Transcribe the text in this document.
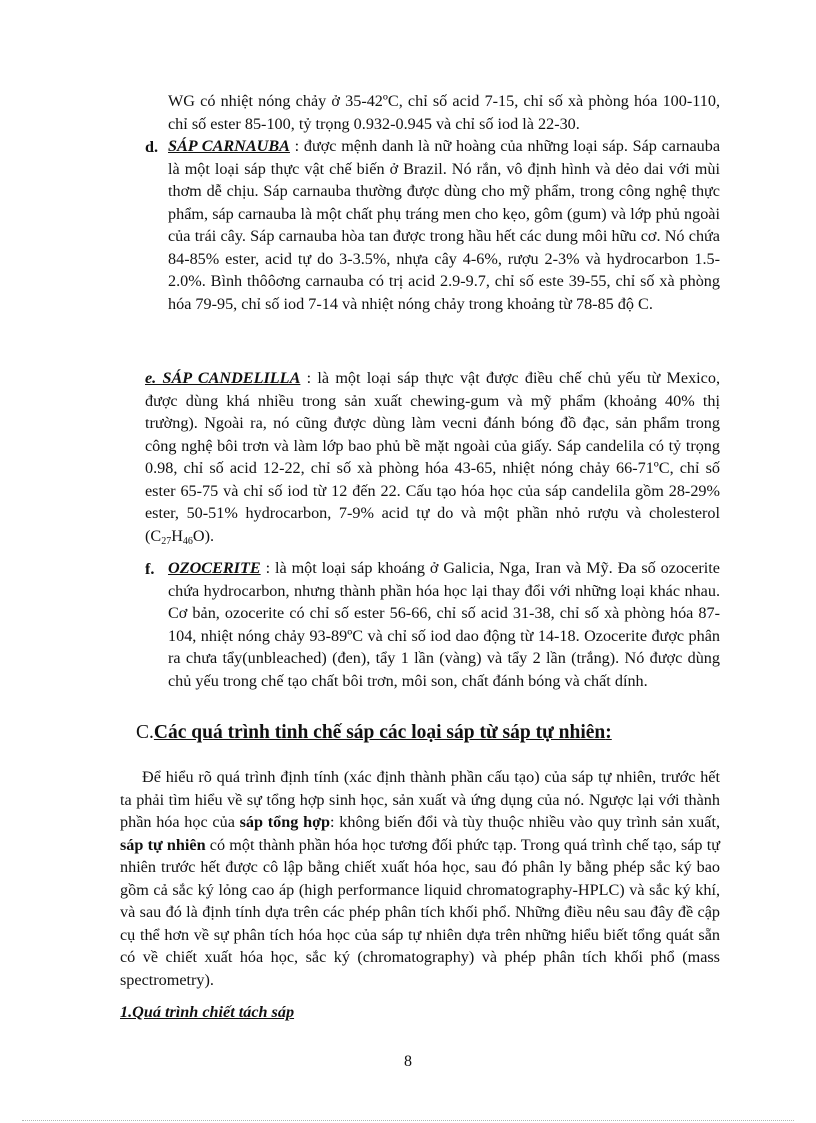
WG có nhiệt nóng chảy ở 35-42ºC, chỉ số acid 7-15, chỉ số xà phòng hóa 100-110, chỉ số ester 85-100, tỷ trọng 0.932-0.945 và chỉ số iod là 22-30.

d. SÁP CARNAUBA : được mệnh danh là nữ hoàng của những loại sáp. Sáp carnauba là một loại sáp thực vật chế biến ở Brazil. Nó rắn, vô định hình và dẻo dai với mùi thơm dễ chịu. Sáp carnauba thường được dùng cho mỹ phẩm, trong công nghệ thực phẩm, sáp carnauba là một chất phụ tráng men cho kẹo, gôm (gum) và lớp phủ ngoài của trái cây. Sáp carnauba hòa tan được trong hầu hết các dung môi hữu cơ. Nó chứa 84-85% ester, acid tự do 3-3.5%, nhựa cây 4-6%, rượu 2-3% và hydrocarbon 1.5-2.0%. Bình thôôơng carnauba có trị acid 2.9-9.7, chỉ số este 39-55, chỉ số xà phòng hóa 79-95, chỉ số iod 7-14 và nhiệt nóng chảy trong khoảng từ 78-85 độ C.

e. SÁP CANDELILLA : là một loại sáp thực vật được điều chế chủ yếu từ Mexico, được dùng khá nhiều trong sản xuất chewing-gum và mỹ phẩm (khoảng 40% thị trường). Ngoài ra, nó cũng được dùng làm vecni đánh bóng đồ đạc, sản phẩm trong công nghệ bôi trơn và làm lớp bao phủ bề mặt ngoài của giấy. Sáp candelila có tỷ trọng 0.98, chỉ số acid 12-22, chỉ số xà phòng hóa 43-65, nhiệt nóng chảy 66-71ºC, chỉ số ester 65-75 và chỉ số iod từ 12 đến 22. Cấu tạo hóa học của sáp candelila gồm 28-29% ester, 50-51% hydrocarbon, 7-9% acid tự do và một phần nhỏ rượu và cholesterol $(C_{27}H_{46}O)$.

f. OZOCERITE : là một loại sáp khoáng ở Galicia, Nga, Iran và Mỹ. Đa số ozocerite chứa hydrocarbon, nhưng thành phần hóa học lại thay đổi với những loại khác nhau. Cơ bản, ozocerite có chỉ số ester 56-66, chỉ số acid 31-38, chỉ số xà phòng hóa 87-104, nhiệt nóng chảy 93-89ºC và chỉ số iod dao động từ 14-18. Ozocerite được phân ra chưa tẩy(unbleached) (đen), tẩy 1 lần (vàng) và tẩy 2 lần (trắng). Nó được dùng chủ yếu trong chế tạo chất bôi trơn, môi son, chất đánh bóng và chất dính.

C.Các quá trình tinh chế sáp các loại sáp từ sáp tự nhiên:

Để hiểu rõ quá trình định tính (xác định thành phần cấu tạo) của sáp tự nhiên, trước hết ta phải tìm hiểu về sự tổng hợp sinh học, sản xuất và ứng dụng của nó. Ngược lại với thành phần hóa học của sáp tổng hợp: không biến đổi và tùy thuộc nhiều vào quy trình sản xuất, sáp tự nhiên có một thành phần hóa học tương đối phức tạp. Trong quá trình chế tạo, sáp tự nhiên trước hết được cô lập bằng chiết xuất hóa học, sau đó phân ly bằng phép sắc ký bao gồm cả sắc ký lỏng cao áp (high performance liquid chromatography-HPLC) và sắc ký khí, và sau đó là định tính dựa trên các phép phân tích khối phổ. Những điều nêu sau đây đề cập cụ thể hơn về sự phân tích hóa học của sáp tự nhiên dựa trên những hiểu biết tổng quát sẵn có về chiết xuất hóa học, sắc ký (chromatography) và phép phân tích khối phổ (mass spectrometry).

1.Quá trình chiết tách sáp
8
